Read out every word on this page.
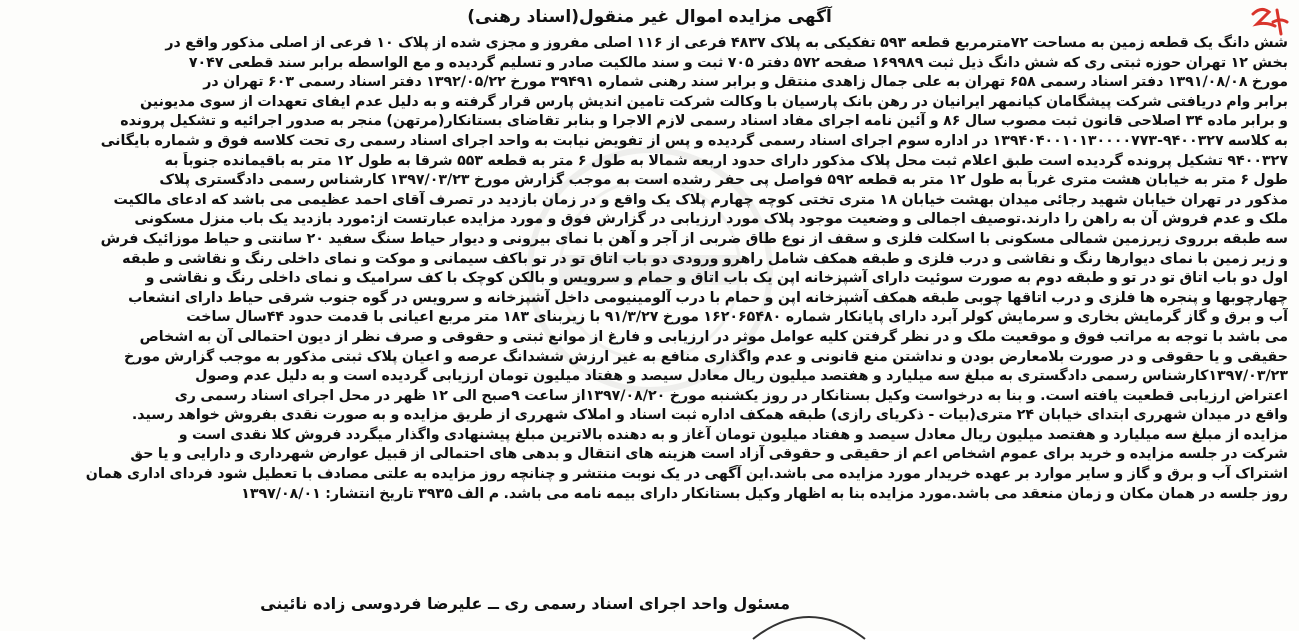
آگهی مزایده اموال غیر منقول(اسناد رهنی)
شش دانگ یک قطعه زمین به مساحت ۷۲مترمربع قطعه ۵۹۳ تفکیکی به پلاک ۴۸۳۷ فرعی از ۱۱۶ اصلی مفروز و مجزی شده از پلاک ۱۰ فرعی از اصلی مذکور واقع در
بخش ۱۲ تهران حوزه ثبتی ری که شش دانگ ذیل ثبت ۱۶۹۹۸۹ صفحه ۵۷۲ دفتر ۷۰۵ ثبت و سند مالکیت صادر و تسلیم گردیده و مع الواسطه برابر سند قطعی ۷۰۴۷
مورخ ۱۳۹۱/۰۸/۰۸ دفتر اسناد رسمی ۶۵۸ تهران به علی جمال زاهدی منتقل و برابر سند رهنی شماره ۳۹۴۹۱ مورخ ۱۳۹۲/۰۵/۲۲ دفتر اسناد رسمی ۶۰۳ تهران در
برابر وام دریافتی شرکت پیشگامان کیانمهر ایرانیان در رهن بانک پارسیان با وکالت شرکت تامین اندیش پارس قرار گرفته و به دلیل عدم ایفای تعهدات از سوی مدیونین
و برابر ماده ۳۴ اصلاحی قانون ثبت مصوب سال ۸۶ و آئین نامه اجرای مفاد اسناد رسمی لازم الاجرا و بنابر تقاضای بستانکار(مرتهن) منجر به صدور اجرائیه و تشکیل پرونده
به کلاسه ۹۴۰۰۳۲۷-۱۳۹۴۰۴۰۰۱۰۱۳۰۰۰۰۷۷۳ در اداره سوم اجرای اسناد رسمی گردیده و پس از تفویض نیابت به واحد اجرای اسناد رسمی ری تحت کلاسه فوق و شماره بایگانی
۹۴۰۰۳۲۷ تشکیل پرونده گردیده است طبق اعلام ثبت محل پلاک مذکور دارای حدود اربعه شمالا به طول ۶ متر به قطعه ۵۵۳ شرقا به طول ۱۲ متر به باقیمانده جنوباً به
طول ۶ متر به خیابان هشت متری غرباً به طول ۱۲ متر به قطعه ۵۹۲ فواصل پی حفر رشده است به موجب گزارش مورخ ۱۳۹۷/۰۳/۲۳ کارشناس رسمی دادگستری پلاک
مذکور در تهران خیابان شهید رجائی میدان بهشت خیابان ۱۸ متری تختی کوچه چهارم پلاک یک واقع و در زمان بازدید در تصرف آقای احمد عظیمی می باشد که ادعای مالکیت
ملک و عدم فروش آن به راهن را دارند.توصیف اجمالی و وضعیت موجود پلاک مورد ارزیابی در گزارش فوق و مورد مزایده عبارتست از:مورد بازدید یک باب منزل مسکونی
سه طبقه برروی زیرزمین شمالی مسکونی با اسکلت فلزی و سقف از نوع طاق ضربی از آجر و آهن با نمای بیرونی و دیوار حیاط سنگ سفید ۲۰ سانتی و حیاط موزائیک فرش
و زیر زمین با نمای دیوارها رنگ و نقاشی و درب فلزی و طبقه همکف شامل راهرو ورودی دو باب اتاق تو در تو باکف سیمانی و موکت و نمای داخلی رنگ و نقاشی و طبقه
اول دو باب اتاق تو در تو و طبقه دوم به صورت سوئیت دارای آشپزخانه اپن یک باب اتاق و حمام و سرویس و بالکن کوچک با کف سرامیک و نمای داخلی رنگ و نقاشی و
چهارچوبها و پنجره ها فلزی و درب اتاقها چوبی طبقه همکف آشپزخانه اپن و حمام با درب آلومینیومی داخل آشپزخانه و سرویس در گوه جنوب شرقی حیاط دارای انشعاب
آب و برق و گاز گرمایش بخاری و سرمایش کولر آبرد دارای پایانکار شماره ۱۶۲۰۶۵۴۸۰ مورخ ۹۱/۳/۲۷ با زیربنای ۱۸۳ متر مربع اعیانی با قدمت حدود ۴۴سال ساخت
می باشد با توجه به مراتب فوق و موقعیت ملک و در نظر گرفتن کلیه عوامل موثر در ارزیابی و فارغ از موانع ثبتی و حقوقی و صرف نظر از دیون احتمالی آن به اشخاص
حقیقی و یا حقوقی و در صورت بلامعارض بودن و نداشتن منع قانونی و عدم واگذاری منافع به غیر ارزش ششدانگ عرصه و اعیان پلاک ثبتی مذکور به موجب گزارش مورخ
۱۳۹۷/۰۳/۲۳کارشناس رسمی دادگستری به مبلغ سه میلیارد و هفتصد میلیون ریال معادل سیصد و هفتاد میلیون تومان ارزیابی گردیده است و به دلیل عدم وصول
اعتراض ارزیابی قطعیت یافته است. و بنا به درخواست وکیل بستانکار در روز یکشنبه مورخ ۱۳۹۷/۰۸/۲۰از ساعت ۹صبح الی ۱۲ ظهر در محل اجرای اسناد رسمی ری
واقع در میدان شهرری ابتدای خیابان ۲۴ متری(بیات - ذکریای رازی) طبقه همکف اداره ثبت اسناد و املاک شهرری از طریق مزایده و به صورت نقدی بفروش خواهد رسید.
مزایده از مبلغ سه میلیارد و هفتصد میلیون ریال معادل سیصد و هفتاد میلیون تومان آغاز و به دهنده بالاترین مبلغ پیشنهادی واگذار میگردد فروش کلا نقدی است و
شرکت در جلسه مزایده و خرید برای عموم اشخاص اعم از حقیقی و حقوقی آزاد است هزینه های انتقال و بدهی های احتمالی از قبیل عوارض شهرداری و دارایی و یا حق
اشتراک آب و برق و گاز و سایر موارد بر عهده خریدار مورد مزایده می باشد.این آگهی در یک نوبت منتشر و چنانچه روز مزایده به علتی مصادف با تعطیل شود فردای اداری همان
روز جلسه در همان مکان و زمان منعقد می باشد.مورد مزایده بنا به اظهار وکیل بستانکار دارای بیمه نامه می باشد. م الف ۳۹۳۵ تاریخ انتشار: ۱۳۹۷/۰۸/۰۱
مسئول واحد اجرای اسناد رسمی ری ــ علیرضا فردوسی زاده نائینی
